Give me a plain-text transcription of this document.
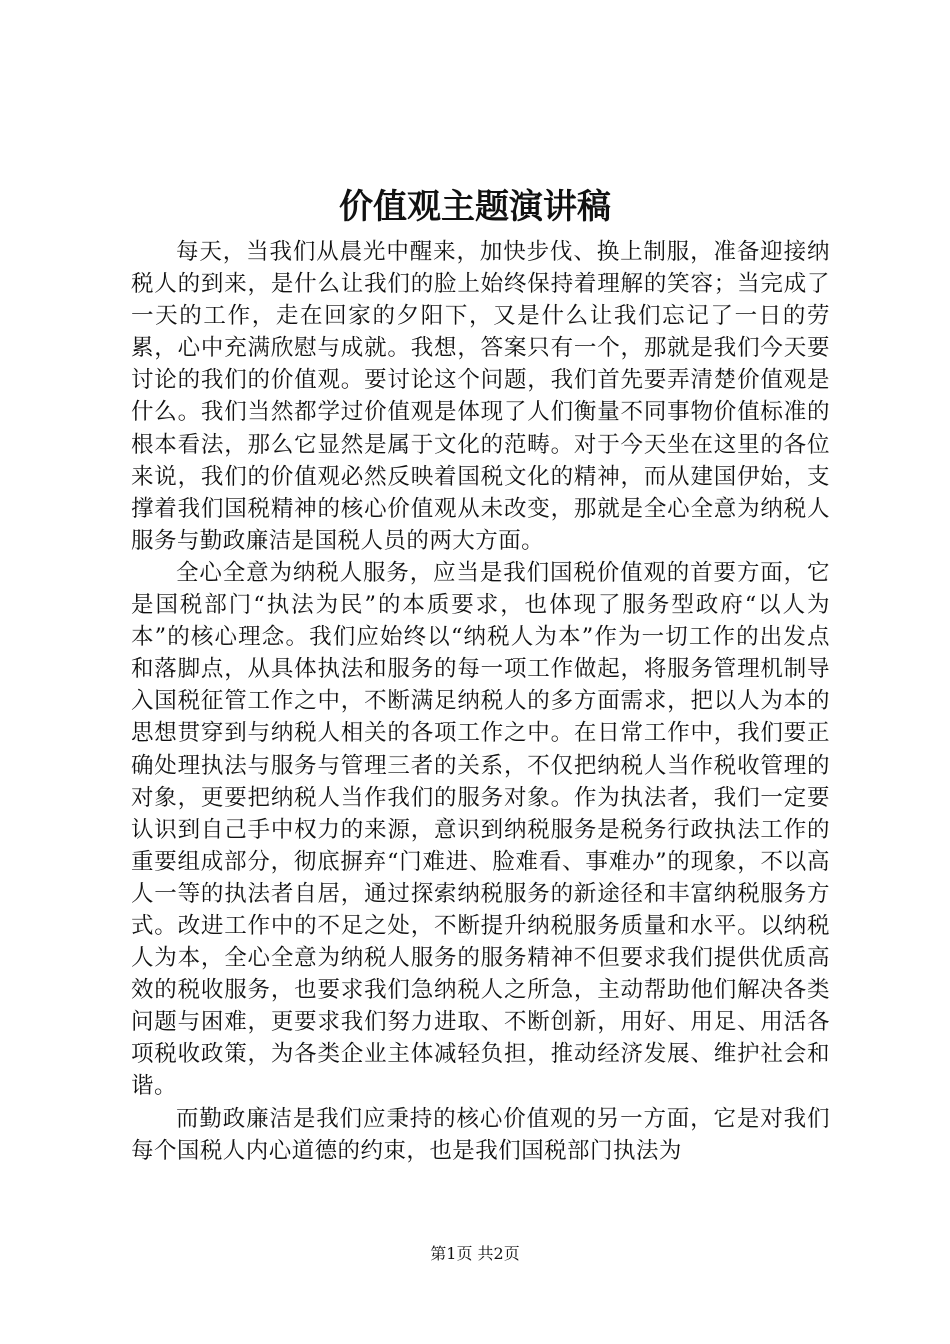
价值观主题演讲稿

每天，当我们从晨光中醒来，加快步伐、换上制服，准备迎接纳税人的到来，是什么让我们的脸上始终保持着理解的笑容；当完成了一天的工作，走在回家的夕阳下，又是什么让我们忘记了一日的劳累，心中充满欣慰与成就。我想，答案只有一个，那就是我们今天要讨论的我们的价值观。要讨论这个问题，我们首先要弄清楚价值观是什么。我们当然都学过价值观是体现了人们衡量不同事物价值标准的根本看法，那么它显然是属于文化的范畴。对于今天坐在这里的各位来说，我们的价值观必然反映着国税文化的精神，而从建国伊始，支撑着我们国税精神的核心价值观从未改变，那就是全心全意为纳税人服务与勤政廉洁是国税人员的两大方面。

全心全意为纳税人服务，应当是我们国税价值观的首要方面，它是国税部门“执法为民”的本质要求，也体现了服务型政府“以人为本”的核心理念。我们应始终以“纳税人为本”作为一切工作的出发点和落脚点，从具体执法和服务的每一项工作做起，将服务管理机制导入国税征管工作之中，不断满足纳税人的多方面需求，把以人为本的思想贯穿到与纳税人相关的各项工作之中。在日常工作中，我们要正确处理执法与服务与管理三者的关系，不仅把纳税人当作税收管理的对象，更要把纳税人当作我们的服务对象。作为执法者，我们一定要认识到自己手中权力的来源，意识到纳税服务是税务行政执法工作的重要组成部分，彻底摒弃“门难进、脸难看、事难办”的现象，不以高人一等的执法者自居，通过探索纳税服务的新途径和丰富纳税服务方式。改进工作中的不足之处，不断提升纳税服务质量和水平。以纳税人为本，全心全意为纳税人服务的服务精神不但要求我们提供优质高效的税收服务，也要求我们急纳税人之所急，主动帮助他们解决各类问题与困难，更要求我们努力进取、不断创新，用好、用足、用活各项税收政策，为各类企业主体减轻负担，推动经济发展、维护社会和谐。

而勤政廉洁是我们应秉持的核心价值观的另一方面，它是对我们每个国税人内心道德的约束，也是我们国税部门执法为

第1页 共2页
